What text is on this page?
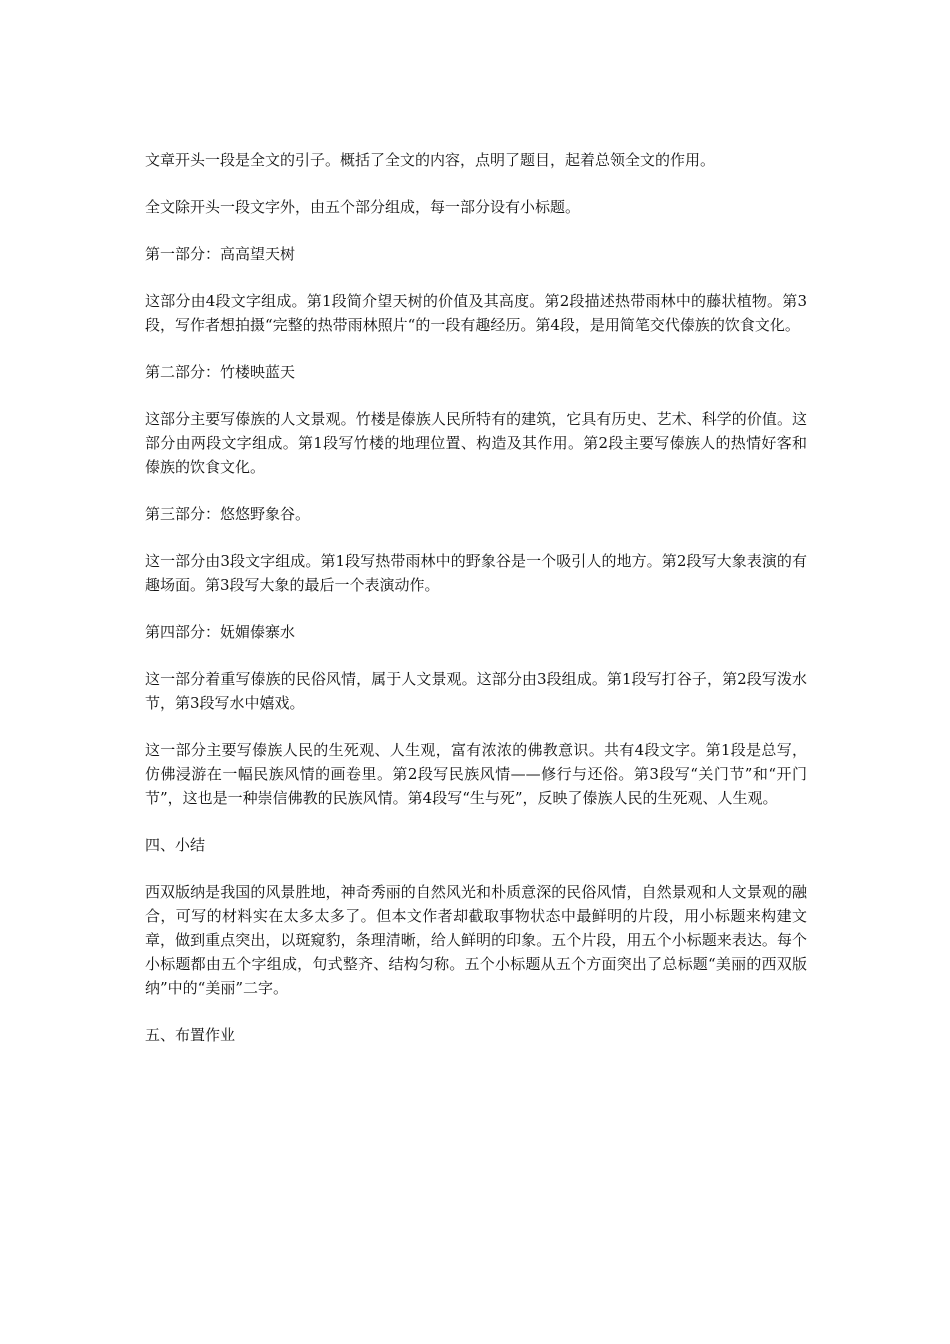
文章开头一段是全文的引子。概括了全文的内容，点明了题目，起着总领全文的作用。

全文除开头一段文字外，由五个部分组成，每一部分设有小标题。

第一部分：高高望天树

这部分由4段文字组成。第1段简介望天树的价值及其高度。第2段描述热带雨林中的藤状植物。第3段，写作者想拍摄“完整的热带雨林照片“的一段有趣经历。第4段，是用简笔交代傣族的饮食文化。

第二部分：竹楼映蓝天

这部分主要写傣族的人文景观。竹楼是傣族人民所特有的建筑，它具有历史、艺术、科学的价值。这部分由两段文字组成。第1段写竹楼的地理位置、构造及其作用。第2段主要写傣族人的热情好客和傣族的饮食文化。

第三部分：悠悠野象谷。

这一部分由3段文字组成。第1段写热带雨林中的野象谷是一个吸引人的地方。第2段写大象表演的有趣场面。第3段写大象的最后一个表演动作。

第四部分：妩媚傣寨水

这一部分着重写傣族的民俗风情，属于人文景观。这部分由3段组成。第1段写打谷子，第2段写泼水节，第3段写水中嬉戏。

这一部分主要写傣族人民的生死观、人生观，富有浓浓的佛教意识。共有4段文字。第1段是总写，仿佛浸游在一幅民族风情的画卷里。第2段写民族风情——修行与还俗。第3段写“关门节”和“开门节”，这也是一种崇信佛教的民族风情。第4段写“生与死”，反映了傣族人民的生死观、人生观。

四、小结

西双版纳是我国的风景胜地，神奇秀丽的自然风光和朴质意深的民俗风情，自然景观和人文景观的融合，可写的材料实在太多太多了。但本文作者却截取事物状态中最鲜明的片段，用小标题来构建文章，做到重点突出，以斑窥豹，条理清晰，给人鲜明的印象。五个片段，用五个小标题来表达。每个小标题都由五个字组成，句式整齐、结构匀称。五个小标题从五个方面突出了总标题“美丽的西双版纳”中的“美丽”二字。

五、布置作业
